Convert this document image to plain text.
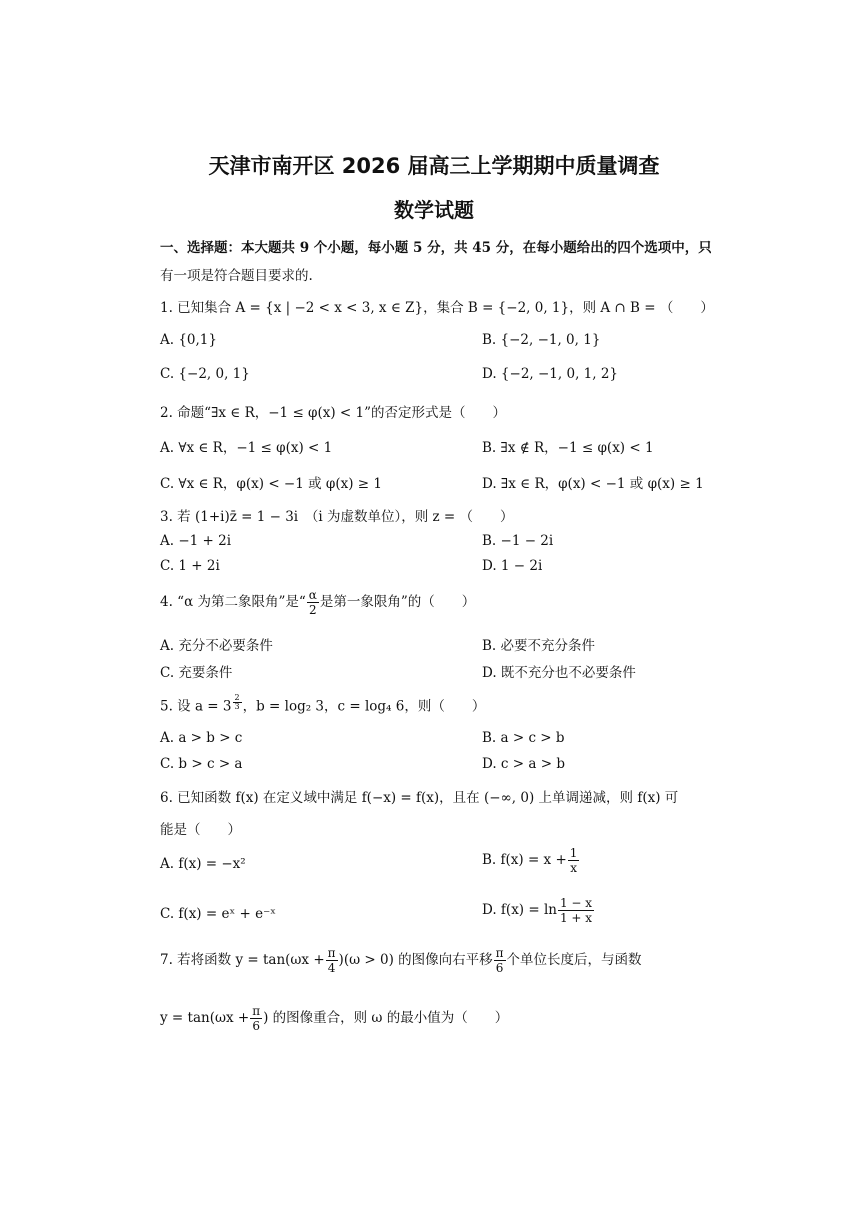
天津市南开区 2026 届高三上学期期中质量调查
数学试题
一、选择题：本大题共 9 个小题，每小题 5 分，共 45 分，在每小题给出的四个选项中，只
有一项是符合题目要求的.
1. 已知集合 A = {x | −2 < x < 3, x ∈ Z}，集合 B = {−2, 0, 1}，则 A ∩ B = （　　）
A. {0,1}	B. {−2, −1, 0, 1}
C. {−2, 0, 1}	D. {−2, −1, 0, 1, 2}
2. 命题“∃x ∈ R，−1 ≤ φ(x) < 1”的否定形式是（　　）
A. ∀x ∈ R，−1 ≤ φ(x) < 1	B. ∃x ∉ R，−1 ≤ φ(x) < 1
C. ∀x ∈ R，φ(x) < −1 或 φ(x) ≥ 1	D. ∃x ∈ R，φ(x) < −1 或 φ(x) ≥ 1
3. 若 (1+i)z̄ = 1 − 3i　（i 为虚数单位），则 z = （　　）
A. −1 + 2i	B. −1 − 2i
C. 1 + 2i	D. 1 − 2i
4. “α 为第二象限角”是“ $\frac{\alpha}{2}$ 是第一象限角”的（　　）
A. 充分不必要条件	B. 必要不充分条件
C. 充要条件	D. 既不充分也不必要条件
5. 设 a = 3 $^{\frac{2}{3}}$ ，b = log₂ 3，c = log₄ 6，则（　　）
A. a > b > c	B. a > c > b
C. b > c > a	D. c > a > b
6. 已知函数 f(x) 在定义域中满足 f(−x) = f(x)，且在 (−∞, 0) 上单调递减，则 f(x) 可
能是（　　）
A. f(x) = −x²	B. $f(x) = x + \frac{1}{x}$
C. f(x) = eˣ + e⁻ˣ	D. $f(x) = \ln \frac{1 - x}{1 + x}$
7. 若将函数 $y = \tan(\omega x + \frac{\pi}{4} )(\omega > 0)$ 的图像向右平移 $\frac{\pi}{6}$ 个单位长度后，与函数
$y = \tan(\omega x + \frac{\pi}{6}$ ) 的图像重合，则 ω 的最小值为（　　）
